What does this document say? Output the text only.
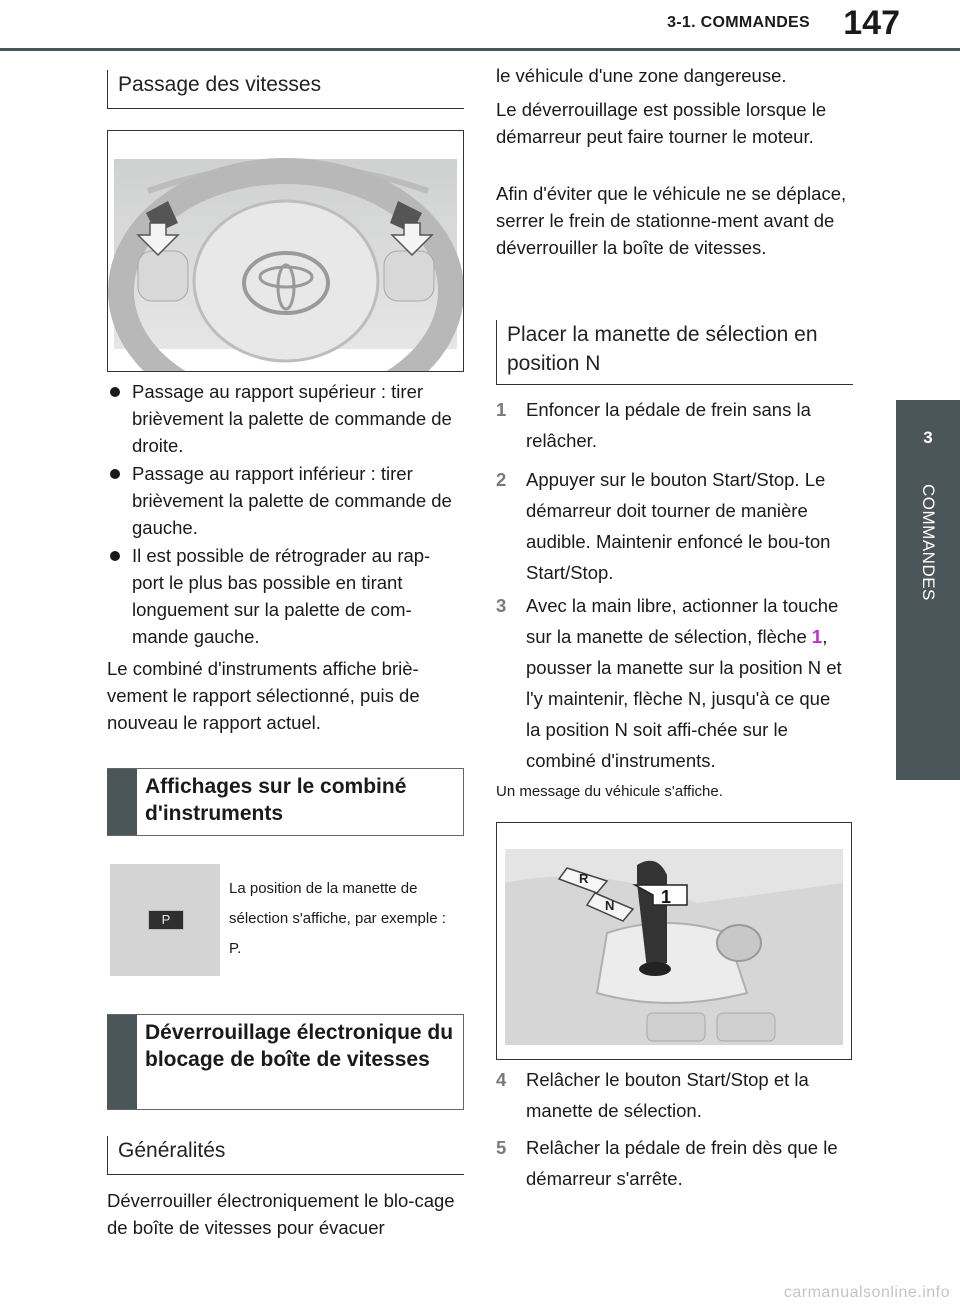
3-1. COMMANDES 147
3
COMMANDES
Passage des vitesses
Passage au rapport supérieur : tirer brièvement la palette de commande de droite.
Passage au rapport inférieur : tirer brièvement la palette de commande de gauche.
Il est possible de rétrograder au rap-port le plus bas possible en tirant longuement sur la palette de com-mande gauche.
Le combiné d'instruments affiche briè-vement le rapport sélectionné, puis de nouveau le rapport actuel.
Affichages sur le combiné d'instruments
P
La position de la manette de sélection s'affiche, par exemple : P.
Déverrouillage électronique du blocage de boîte de vitesses
Généralités
Déverrouiller électroniquement le blo-cage de boîte de vitesses pour évacuer
le véhicule d'une zone dangereuse.
Le déverrouillage est possible lorsque le démarreur peut faire tourner le moteur.
Afin d'éviter que le véhicule ne se déplace, serrer le frein de stationne-ment avant de déverrouiller la boîte de vitesses.
Placer la manette de sélection en position N
1 Enfoncer la pédale de frein sans la relâcher.
2 Appuyer sur le bouton Start/Stop. Le démarreur doit tourner de manière audible. Maintenir enfoncé le bou-ton Start/Stop.
3 Avec la main libre, actionner la touche sur la manette de sélection, flèche 1, pousser la manette sur la position N et l'y maintenir, flèche N, jusqu'à ce que la position N soit affi-chée sur le combiné d'instruments.
Un message du véhicule s'affiche.
R
N	1
4 Relâcher le bouton Start/Stop et la manette de sélection.
5 Relâcher la pédale de frein dès que le démarreur s'arrête.
carmanualsonline.info
